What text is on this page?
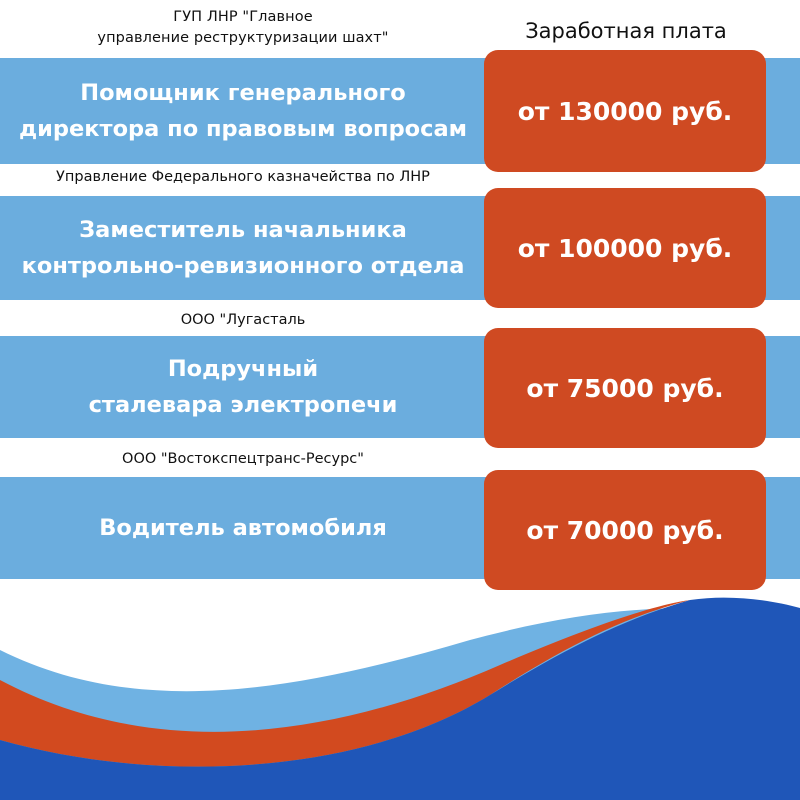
ГУП ЛНР "Главное
управление реструктуризации шахт"	Заработная плата
Помощник генерального
директора по правовым вопросам
от 130000 руб.
Управление Федерального казначейства по ЛНР
Заместитель начальника
контрольно-ревизионного отдела
от 100000 руб.
ООО "Лугасталь
Подручный
сталевара электропечи
от 75000 руб.
ООО "Востокспецтранс-Ресурс"
Водитель автомобиля	от 70000 руб.
